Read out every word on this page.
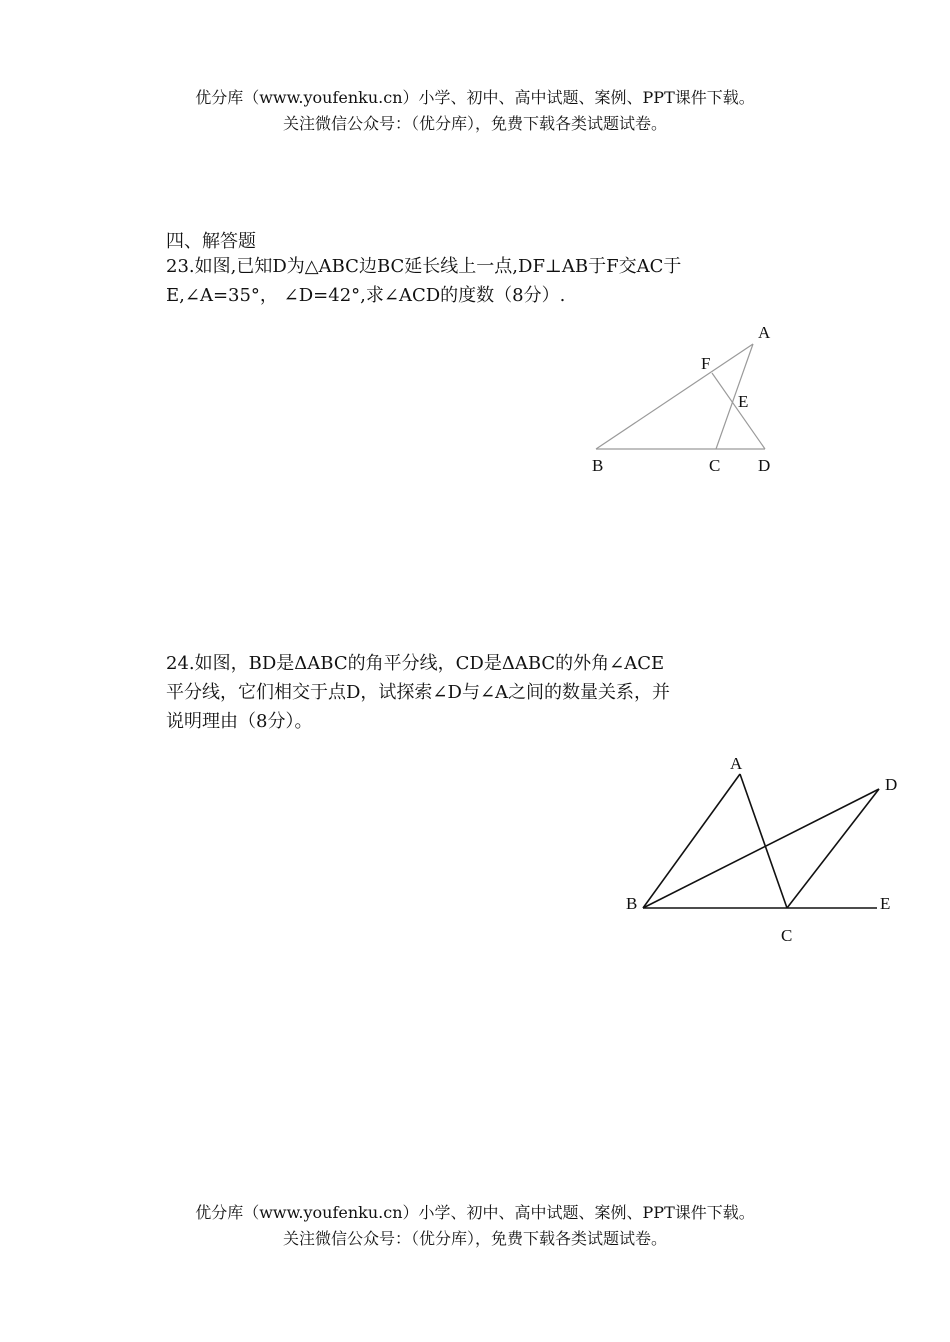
优分库（www.youfenku.cn）小学、初中、高中试题、案例、PPT课件下载。
关注微信公众号：（优分库），免费下载各类试题试卷。
四、解答题
23.如图,已知D为△ABC边BC延长线上一点,DF⊥AB于F交AC于
E,∠A=35°， ∠D=42°,求∠ACD的度数（8分）.
24.如图，BD是ΔABC的角平分线，CD是ΔABC的外角∠ACE
平分线，它们相交于点D，试探索∠D与∠A之间的数量关系，并
说明理由（8分）。
A
F
E
B	C D
A
D
B	E
C
优分库（www.youfenku.cn）小学、初中、高中试题、案例、PPT课件下载。
关注微信公众号：（优分库），免费下载各类试题试卷。
